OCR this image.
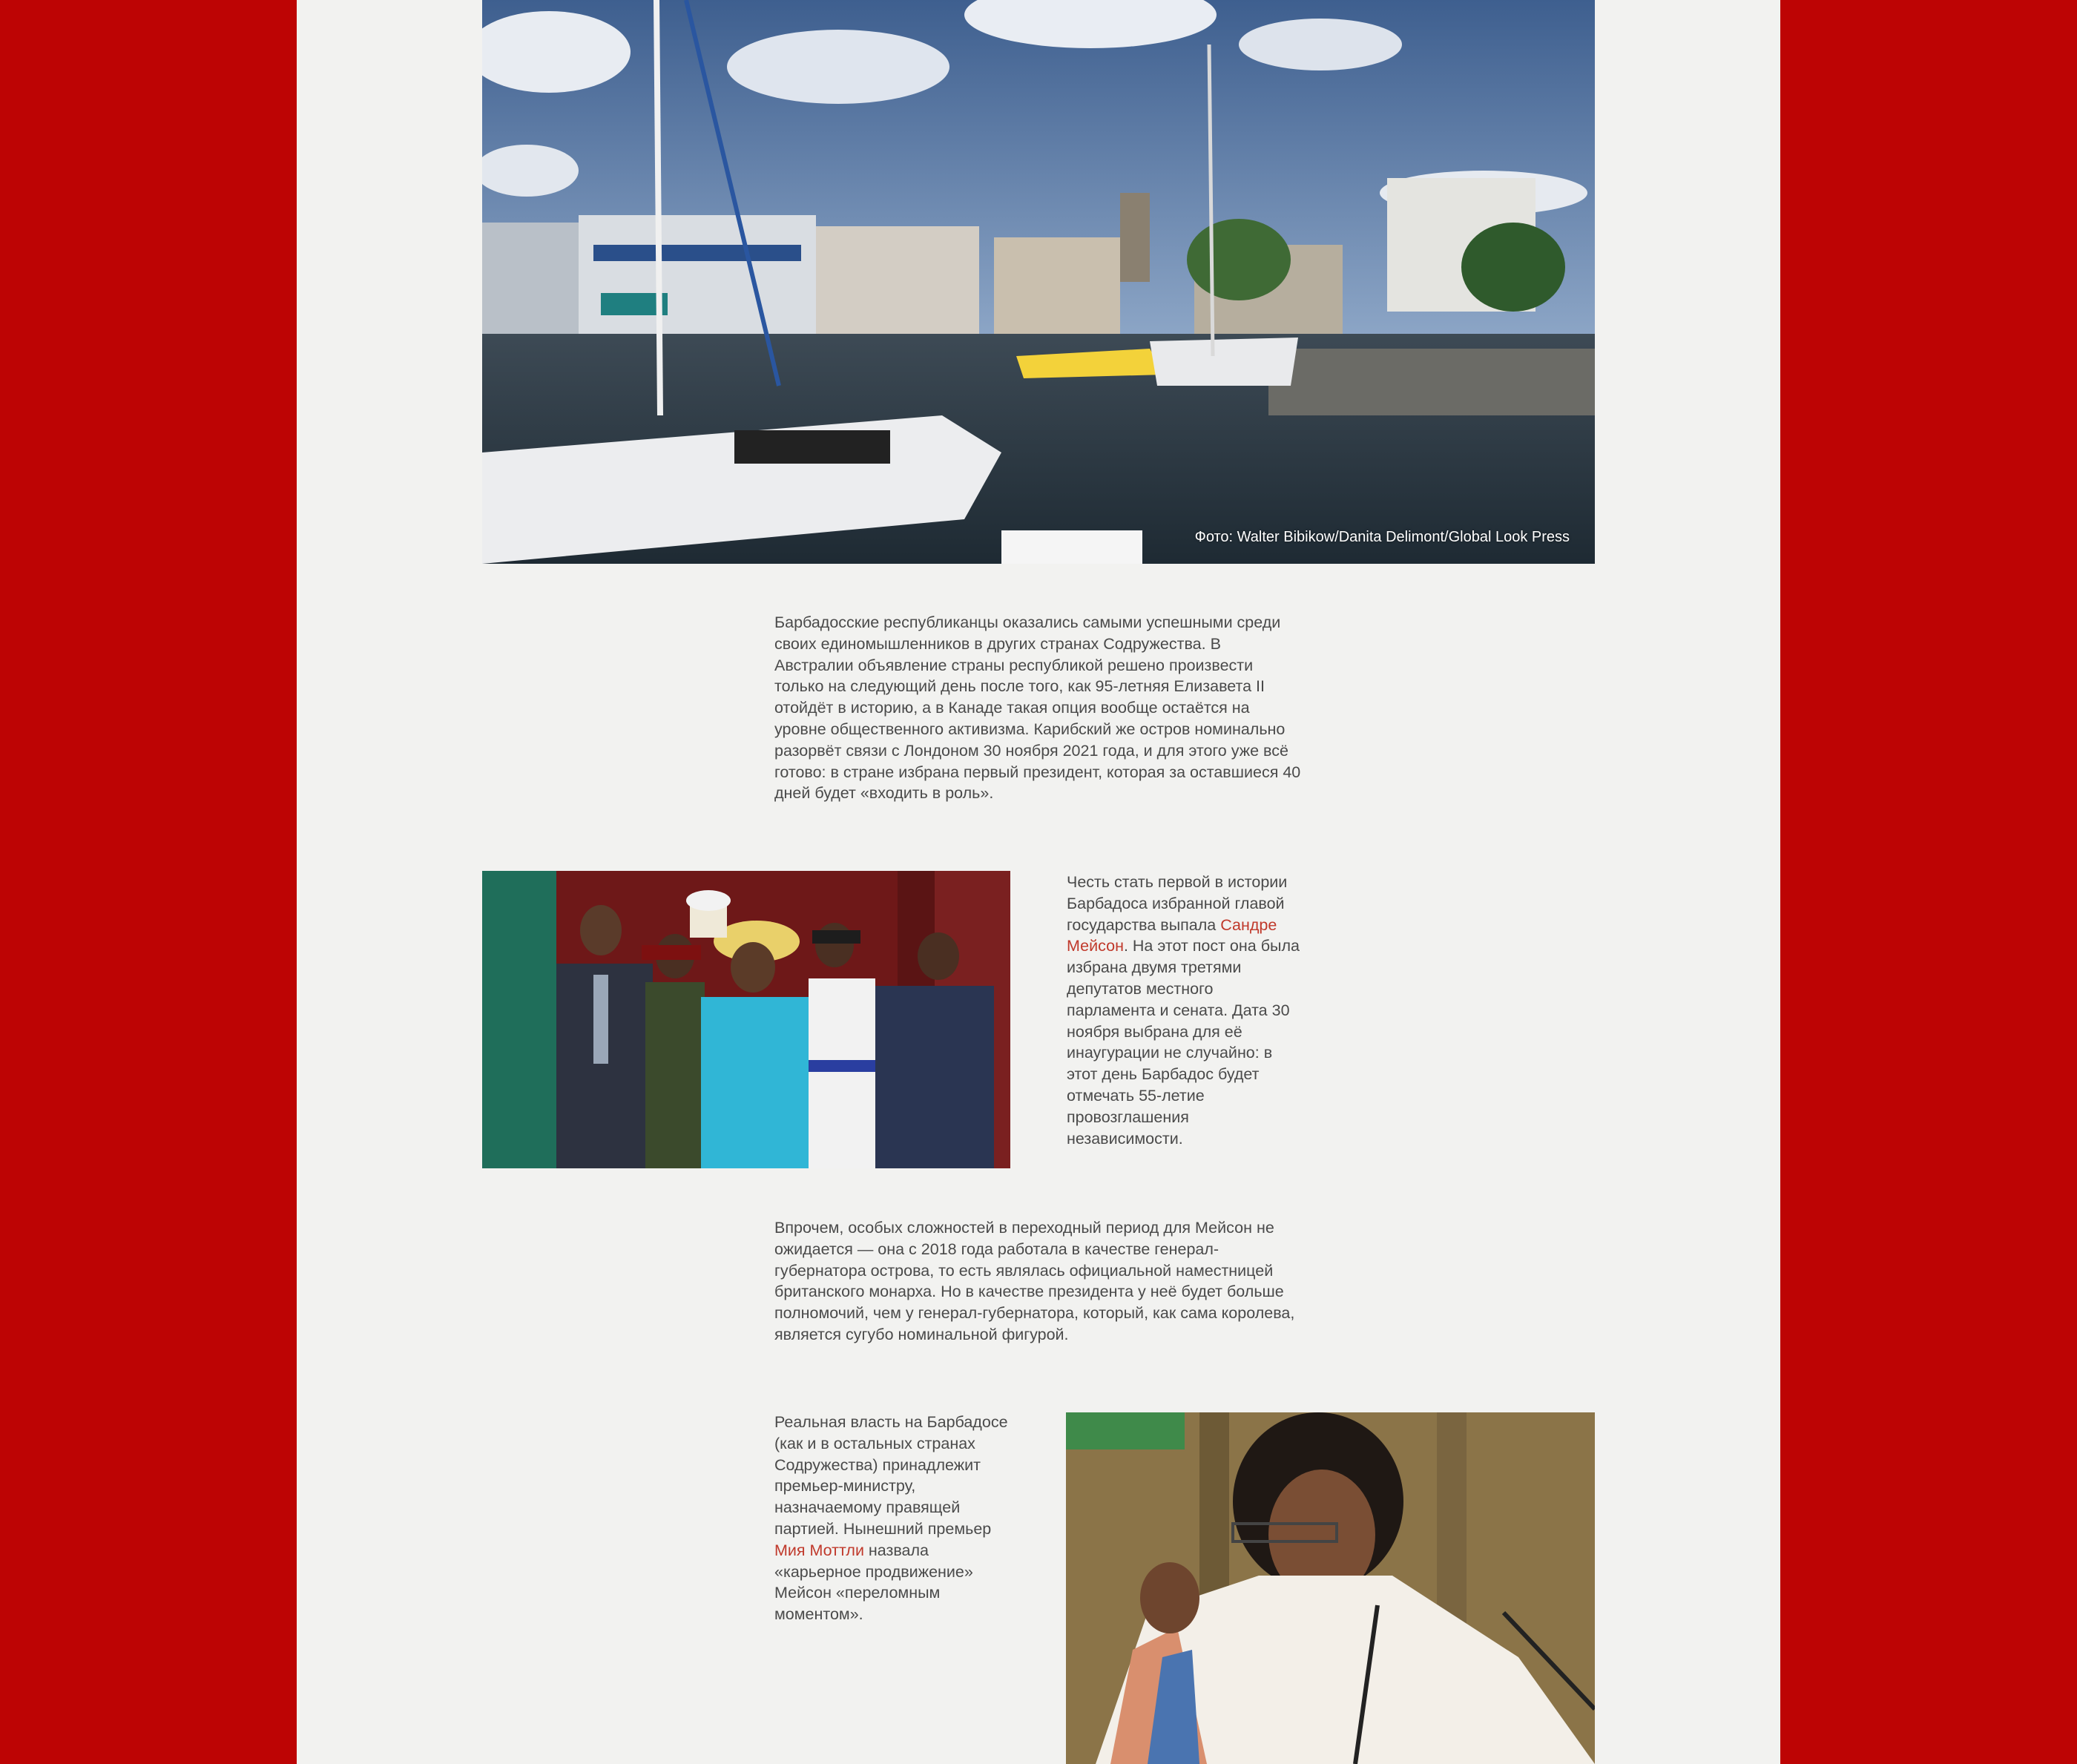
Фото: Walter Bibikow/Danita Delimont/Global Look Press

Барбадосские республиканцы оказались самыми успешными среди своих единомышленников в других странах Содружества. В Австралии объявление страны республикой решено произвести только на следующий день после того, как 95-летняя Елизавета II отойдёт в историю, а в Канаде такая опция вообще остаётся на уровне общественного активизма. Карибский же остров номинально разорвёт связи с Лондоном 30 ноября 2021 года, и для этого уже всё готово: в стране избрана первый президент, которая за оставшиеся 40 дней будет «входить в роль».

Честь стать первой в истории Барбадоса избранной главой государства выпала Сандре Мейсон. На этот пост она была избрана двумя третями депутатов местного парламента и сената. Дата 30 ноября выбрана для её инаугурации не случайно: в этот день Барбадос будет отмечать 55-летие провозглашения независимости.

Впрочем, особых сложностей в переходный период для Мейсон не ожидается — она с 2018 года работала в качестве генерал-губернатора острова, то есть являлась официальной наместницей британского монарха. Но в качестве президента у неё будет больше полномочий, чем у генерал-губернатора, который, как сама королева, является сугубо номинальной фигурой.

Реальная власть на Барбадосе (как и в остальных странах Содружества) принадлежит премьер-министру, назначаемому правящей партией. Нынешний премьер Мия Моттли назвала «карьерное продвижение» Мейсон «переломным моментом».
